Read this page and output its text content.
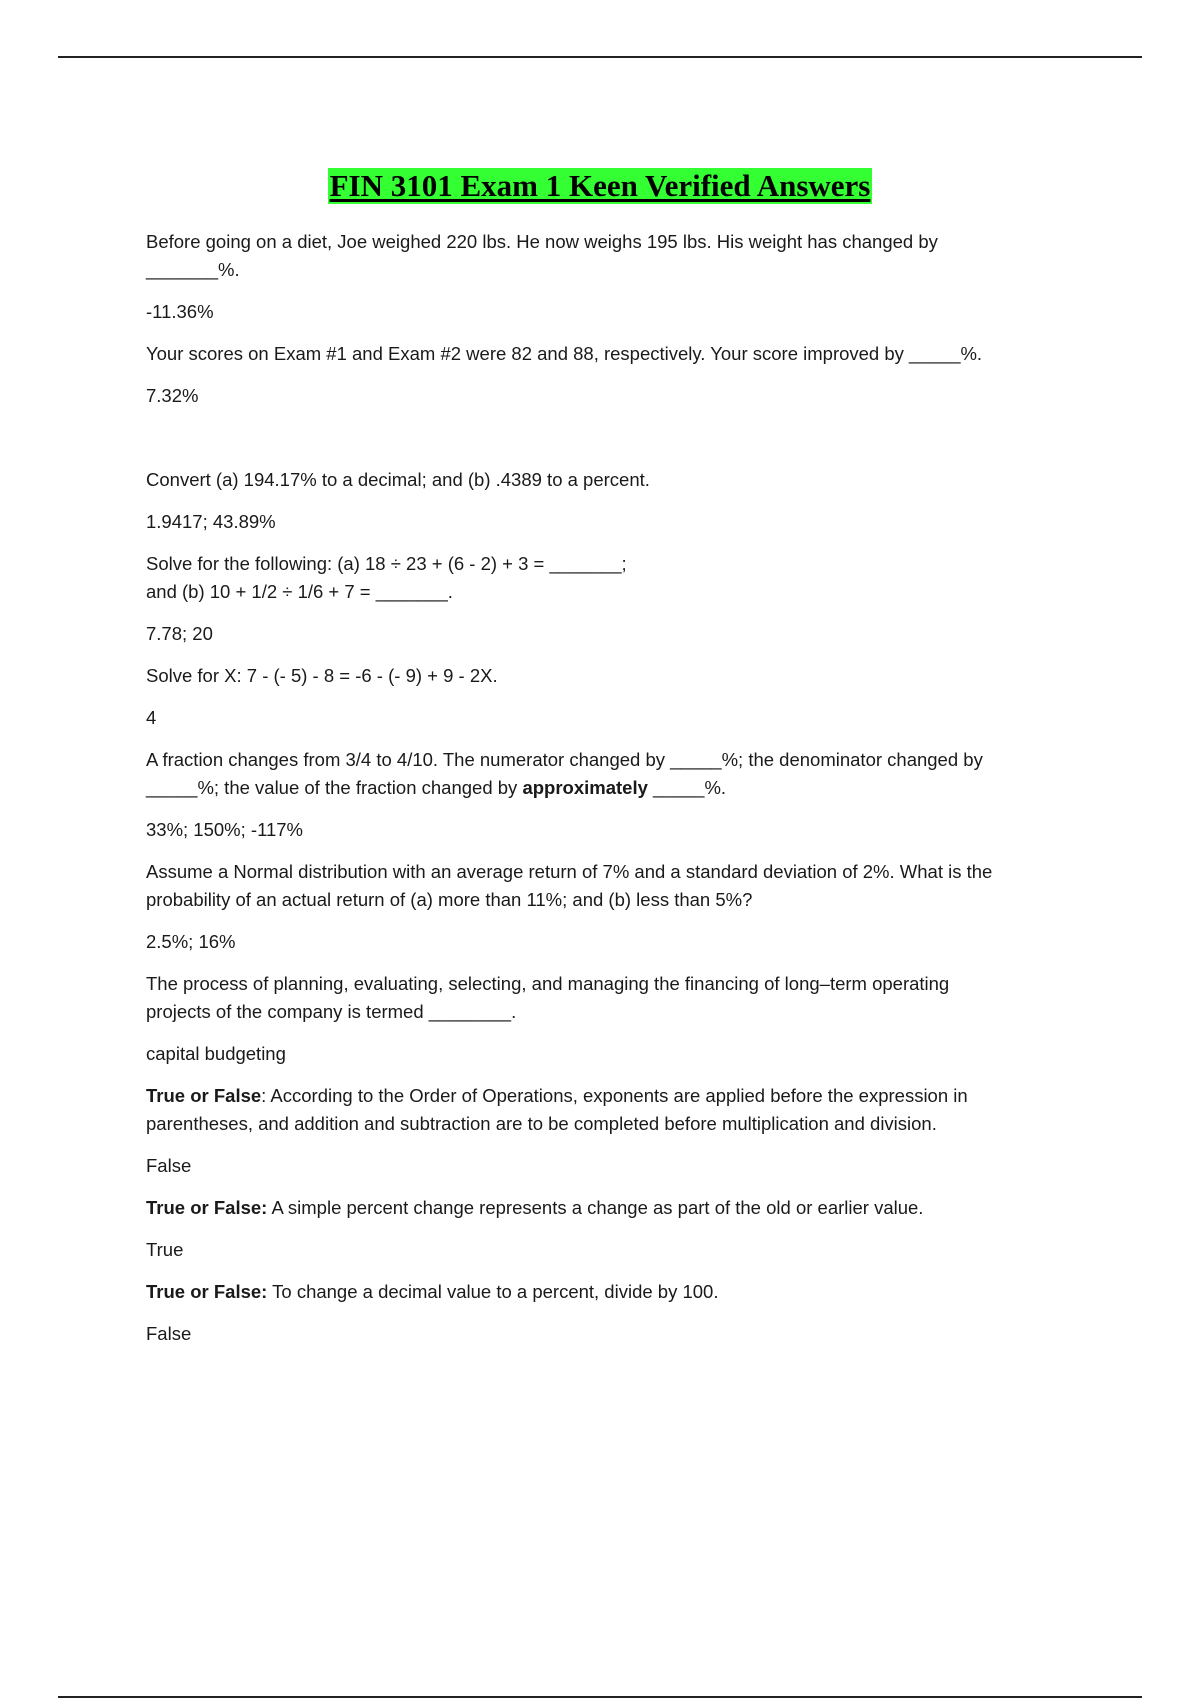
FIN 3101 Exam 1 Keen Verified Answers
Before going on a diet, Joe weighed 220 lbs. He now weighs 195 lbs. His weight has changed by
_______%.
-11.36%
Your scores on Exam #1 and Exam #2 were 82 and 88, respectively. Your score improved by _____%.
7.32%
Convert (a) 194.17% to a decimal; and (b) .4389 to a percent.
1.9417; 43.89%
Solve for the following: (a) 18 ÷ 23 + (6 - 2) + 3 = _______;
and (b) 10 + 1/2 ÷ 1/6 + 7 = _______.
7.78; 20
Solve for X: 7 - (- 5) - 8 = -6 - (- 9) + 9 - 2X.
4
A fraction changes from 3/4 to 4/10. The numerator changed by _____%; the denominator changed by
_____%; the value of the fraction changed by approximately _____%.
33%; 150%; -117%
Assume a Normal distribution with an average return of 7% and a standard deviation of 2%. What is the
probability of an actual return of (a) more than 11%; and (b) less than 5%?
2.5%; 16%
The process of planning, evaluating, selecting, and managing the financing of long–term operating
projects of the company is termed ________.
capital budgeting
True or False: According to the Order of Operations, exponents are applied before the expression in
parentheses, and addition and subtraction are to be completed before multiplication and division.
False
True or False: A simple percent change represents a change as part of the old or earlier value.
True
True or False: To change a decimal value to a percent, divide by 100.
False
